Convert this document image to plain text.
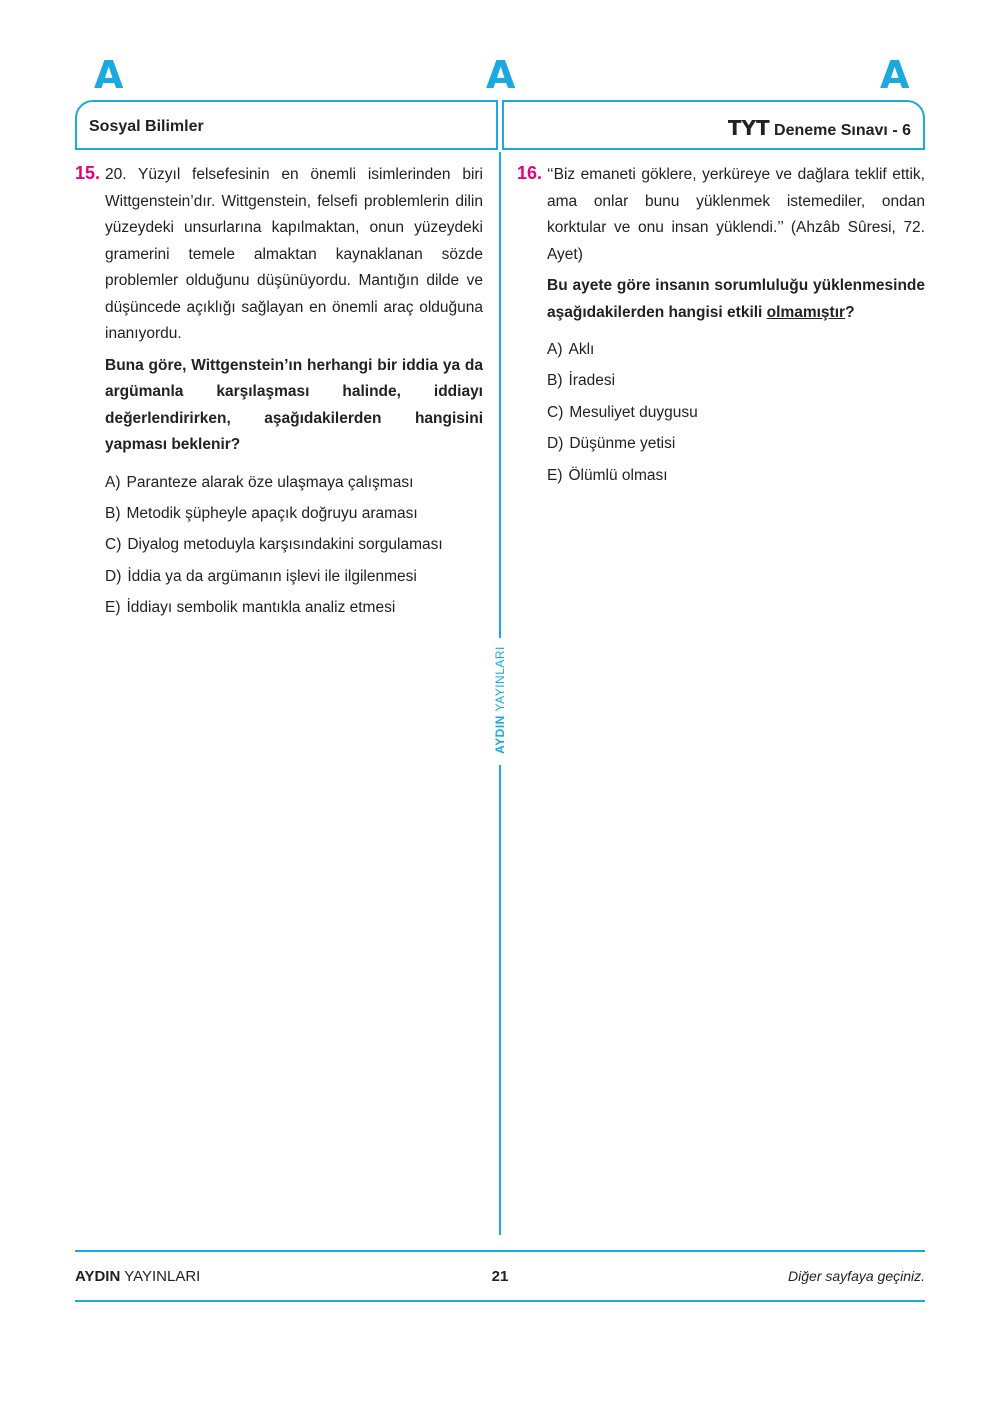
A	A	A
Sosyal Bilimler	TYT Deneme Sınavı - 6
AYDIN YAYINLARI
15. 20. Yüzyıl felsefesinin en önemli isimlerinden biri Wittgenstein’dır. Wittgenstein, felsefi problemlerin dilin yüzeydeki unsurlarına kapılmaktan, onun yüzeydeki gramerini temele almaktan kaynaklanan sözde problemler olduğunu düşünüyordu. Mantığın dilde ve düşüncede açıklığı sağlayan en önemli araç olduğuna inanıyordu.

Buna göre, Wittgenstein’ın herhangi bir iddia ya da argümanla karşılaşması halinde, iddiayı değerlendirirken, aşağıdakilerden hangisini yapması beklenir?

A) Paranteze alarak öze ulaşmaya çalışması
B) Metodik şüpheyle apaçık doğruyu araması
C) Diyalog metoduyla karşısındakini sorgulaması
D) İddia ya da argümanın işlevi ile ilgilenmesi
E) İddiayı sembolik mantıkla analiz etmesi
16. ‘‘Biz emaneti göklere, yerküreye ve dağlara teklif ettik, ama onlar bunu yüklenmek istemediler, ondan korktular ve onu insan yüklendi.’’ (Ahzâb Sûresi, 72. Ayet)

Bu ayete göre insanın sorumluluğu yüklenmesinde aşağıdakilerden hangisi etkili olmamıştır?

A) Aklı
B) İradesi
C) Mesuliyet duygusu
D) Düşünme yetisi
E) Ölümlü olması
AYDIN YAYINLARI	21	Diğer sayfaya geçiniz.
